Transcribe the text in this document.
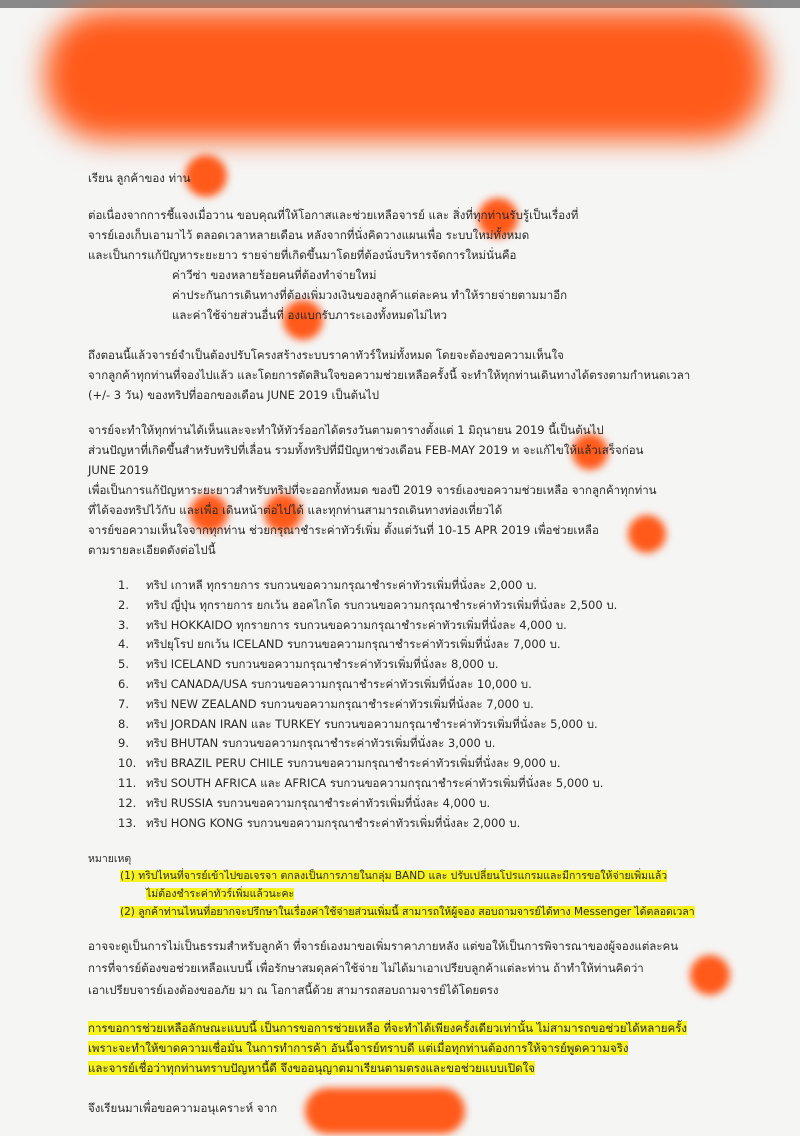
เรียน ลูกค้าของ ท่าน
ต่อเนื่องจากการชี้แจงเมื่อวาน ขอบคุณที่ให้โอกาสและช่วยเหลือจารย์ และ สิ่งที่ทุกท่านรับรู้เป็นเรื่องที่
จารย์เองเก็บเอามาไว้ ตลอดเวลาหลายเดือน หลังจากที่นั่งคิดวางแผนเพื่อ ระบบใหม่ทั้งหมด
และเป็นการแก้ปัญหาระยะยาว รายจ่ายที่เกิดขึ้นมาโดยที่ต้องนั่งบริหารจัดการใหม่นั่นคือ
ค่าวีซ่า ของหลายร้อยคนที่ต้องทำจ่ายใหม่
ค่าประกันการเดินทางที่ต้องเพิ่มวงเงินของลูกค้าแต่ละคน ทำให้รายจ่ายตามมาอีก
และค่าใช้จ่ายส่วนอื่นที่ องแบกรับภาระเองทั้งหมดไม่ไหว
ถึงตอนนี้แล้วจารย์จำเป็นต้องปรับโครงสร้างระบบราคาทัวร์ใหม่ทั้งหมด โดยจะต้องขอความเห็นใจ
จากลูกค้าทุกท่านที่จองไปแล้ว และโดยการตัดสินใจขอความช่วยเหลือครั้งนี้ จะทำให้ทุกท่านเดินทางได้ตรงตามกำหนดเวลา
(+/- 3 วัน) ของทริปที่ออกของเดือน JUNE 2019 เป็นต้นไป
จารย์จะทำให้ทุกท่านได้เห็นและจะทำให้ทัวร์ออกได้ตรงวันตามตารางตั้งแต่ 1 มิถุนายน 2019 นี้เป็นต้นไป
ส่วนปัญหาที่เกิดขึ้นสำหรับทริปที่เลื่อน รวมทั้งทริปที่มีปัญหาช่วงเดือน FEB-MAY 2019 ท จะแก้ไขให้แล้วเสร็จก่อน
JUNE 2019
เพื่อเป็นการแก้ปัญหาระยะยาวสำหรับทริปที่จะออกทั้งหมด ของปี 2019 จารย์เองขอความช่วยเหลือ จากลูกค้าทุกท่าน
ที่ได้จองทริปไว้กับ และเพื่อ เดินหน้าต่อไปได้ และทุกท่านสามารถเดินทางท่องเที่ยวได้
จารย์ขอความเห็นใจจากทุกท่าน ช่วยกรุณาชำระค่าทัวร์เพิ่ม ตั้งแต่วันที่ 10-15 APR 2019 เพื่อช่วยเหลือ
ตามรายละเอียดดังต่อไปนี้
1. ทริป เกาหลี ทุกรายการ รบกวนขอความกรุณาชำระค่าทัวรเพิ่มที่นั่งละ 2,000 บ.
2. ทริป ญี่ปุ่น ทุกรายการ ยกเว้น ฮอคไกโด รบกวนขอความกรุณาชำระค่าทัวรเพิ่มที่นั่งละ 2,500 บ.
3. ทริป HOKKAIDO ทุกรายการ รบกวนขอความกรุณาชำระค่าทัวรเพิ่มที่นั่งละ 4,000 บ.
4. ทริปยุโรป ยกเว้น ICELAND รบกวนขอความกรุณาชำระค่าทัวรเพิ่มที่นั่งละ 7,000 บ.
5. ทริป ICELAND รบกวนขอความกรุณาชำระค่าทัวรเพิ่มที่นั่งละ 8,000 บ.
6. ทริป CANADA/USA รบกวนขอความกรุณาชำระค่าทัวรเพิ่มที่นั่งละ 10,000 บ.
7. ทริป NEW ZEALAND รบกวนขอความกรุณาชำระค่าทัวรเพิ่มที่นั่งละ 7,000 บ.
8. ทริป JORDAN IRAN และ TURKEY รบกวนขอความกรุณาชำระค่าทัวรเพิ่มที่นั่งละ 5,000 บ.
9. ทริป BHUTAN รบกวนขอความกรุณาชำระค่าทัวรเพิ่มที่นั่งละ 3,000 บ.
10. ทริป BRAZIL PERU CHILE รบกวนขอความกรุณาชำระค่าทัวรเพิ่มที่นั่งละ 9,000 บ.
11. ทริป SOUTH AFRICA และ AFRICA รบกวนขอความกรุณาชำระค่าทัวรเพิ่มที่นั่งละ 5,000 บ.
12. ทริป RUSSIA รบกวนขอความกรุณาชำระค่าทัวรเพิ่มที่นั่งละ 4,000 บ.
13. ทริป HONG KONG รบกวนขอความกรุณาชำระค่าทัวรเพิ่มที่นั่งละ 2,000 บ.
หมายเหตุ
(1) ทริปไหนที่จารย์เข้าไปขอเจรจา ตกลงเป็นการภายในกลุ่ม BAND และ ปรับเปลี่ยนโปรแกรมและมีการขอให้จ่ายเพิ่มแล้ว
ไม่ต้องชำระค่าทัวร์เพิ่มแล้วนะคะ
(2) ลูกค้าท่านไหนที่อยากจะปรึกษาในเรื่องค่าใช้จ่ายส่วนเพิ่มนี้ สามารถให้ผู้จอง สอบถามจารย์ได้ทาง Messenger ได้ตลอดเวลา
อาจจะดูเป็นการไม่เป็นธรรมสำหรับลูกค้า ที่จารย์เองมาขอเพิ่มราคาภายหลัง แต่ขอให้เป็นการพิจารณาของผู้จองแต่ละคน
การที่จารย์ต้องขอช่วยเหลือแบบนี้ เพื่อรักษาสมดุลค่าใช้จ่าย ไม่ได้มาเอาเปรียบลูกค้าแต่ละท่าน ถ้าทำให้ท่านคิดว่า
เอาเปรียบจารย์เองต้องขออภัย มา ณ โอกาสนี้ด้วย สามารถสอบถามจารย์ได้โดยตรง
การขอการช่วยเหลือลักษณะแบบนี้ เป็นการขอการช่วยเหลือ ที่จะทำได้เพียงครั้งเดียวเท่านั้น ไม่สามารถขอช่วยได้หลายครั้ง
เพราะจะทำให้ขาดความเชื่อมั่น ในการทำการค้า อันนี้จารย์ทราบดี แต่เมื่อทุกท่านต้องการให้จารย์พูดความจริง
และจารย์เชื่อว่าทุกท่านทราบปัญหานี้ดี จึงขออนุญาตมาเรียนตามตรงและขอช่วยแบบเปิดใจ
จึงเรียนมาเพื่อขอความอนุเคราะห์ จาก
